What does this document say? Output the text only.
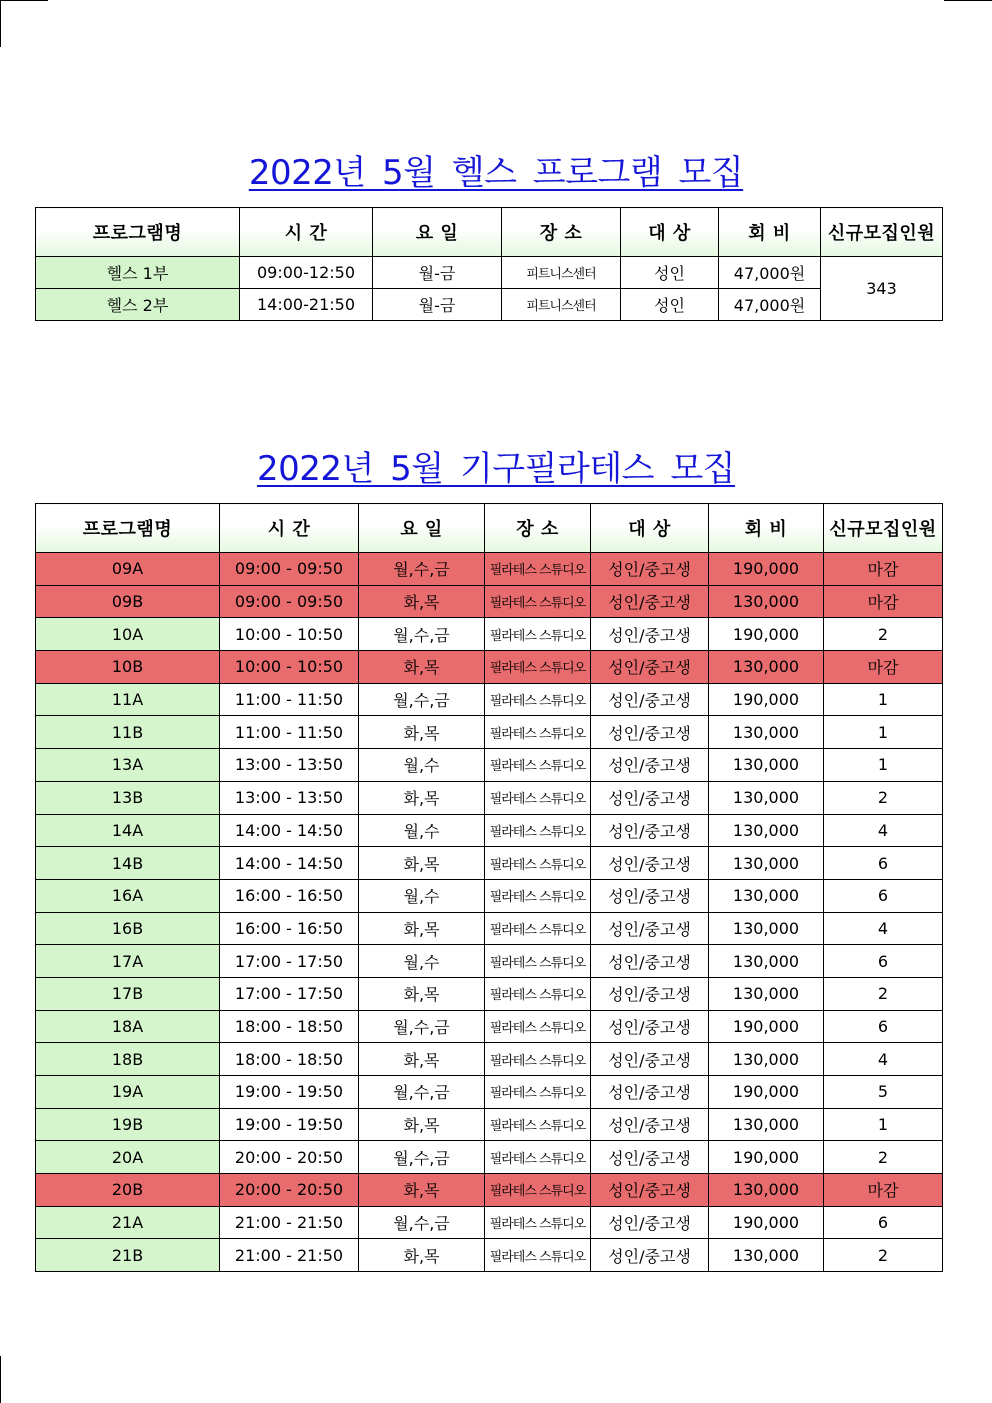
2022년 5월 헬스 프로그램 모집
프로그램명	시 간	요 일	장 소	대 상	회 비	신규모집인원
헬스 1부	09:00-12:50	월-금	피트니스센터	성인	47,000원	343
헬스 2부	14:00-21:50	월-금	피트니스센터	성인	47,000원	
2022년 5월 기구필라테스 모집
프로그램명	시 간	요 일	장 소	대 상	회 비	신규모집인원
09A	09:00 - 09:50	월,수,금	필라테스 스튜디오	성인/중고생	190,000	마감
09B	09:00 - 09:50	화,목	필라테스 스튜디오	성인/중고생	130,000	마감
10A	10:00 - 10:50	월,수,금	필라테스 스튜디오	성인/중고생	190,000	2
10B	10:00 - 10:50	화,목	필라테스 스튜디오	성인/중고생	130,000	마감
11A	11:00 - 11:50	월,수,금	필라테스 스튜디오	성인/중고생	190,000	1
11B	11:00 - 11:50	화,목	필라테스 스튜디오	성인/중고생	130,000	1
13A	13:00 - 13:50	월,수	필라테스 스튜디오	성인/중고생	130,000	1
13B	13:00 - 13:50	화,목	필라테스 스튜디오	성인/중고생	130,000	2
14A	14:00 - 14:50	월,수	필라테스 스튜디오	성인/중고생	130,000	4
14B	14:00 - 14:50	화,목	필라테스 스튜디오	성인/중고생	130,000	6
16A	16:00 - 16:50	월,수	필라테스 스튜디오	성인/중고생	130,000	6
16B	16:00 - 16:50	화,목	필라테스 스튜디오	성인/중고생	130,000	4
17A	17:00 - 17:50	월,수	필라테스 스튜디오	성인/중고생	130,000	6
17B	17:00 - 17:50	화,목	필라테스 스튜디오	성인/중고생	130,000	2
18A	18:00 - 18:50	월,수,금	필라테스 스튜디오	성인/중고생	190,000	6
18B	18:00 - 18:50	화,목	필라테스 스튜디오	성인/중고생	130,000	4
19A	19:00 - 19:50	월,수,금	필라테스 스튜디오	성인/중고생	190,000	5
19B	19:00 - 19:50	화,목	필라테스 스튜디오	성인/중고생	130,000	1
20A	20:00 - 20:50	월,수,금	필라테스 스튜디오	성인/중고생	190,000	2
20B	20:00 - 20:50	화,목	필라테스 스튜디오	성인/중고생	130,000	마감
21A	21:00 - 21:50	월,수,금	필라테스 스튜디오	성인/중고생	190,000	6
21B	21:00 - 21:50	화,목	필라테스 스튜디오	성인/중고생	130,000	2
